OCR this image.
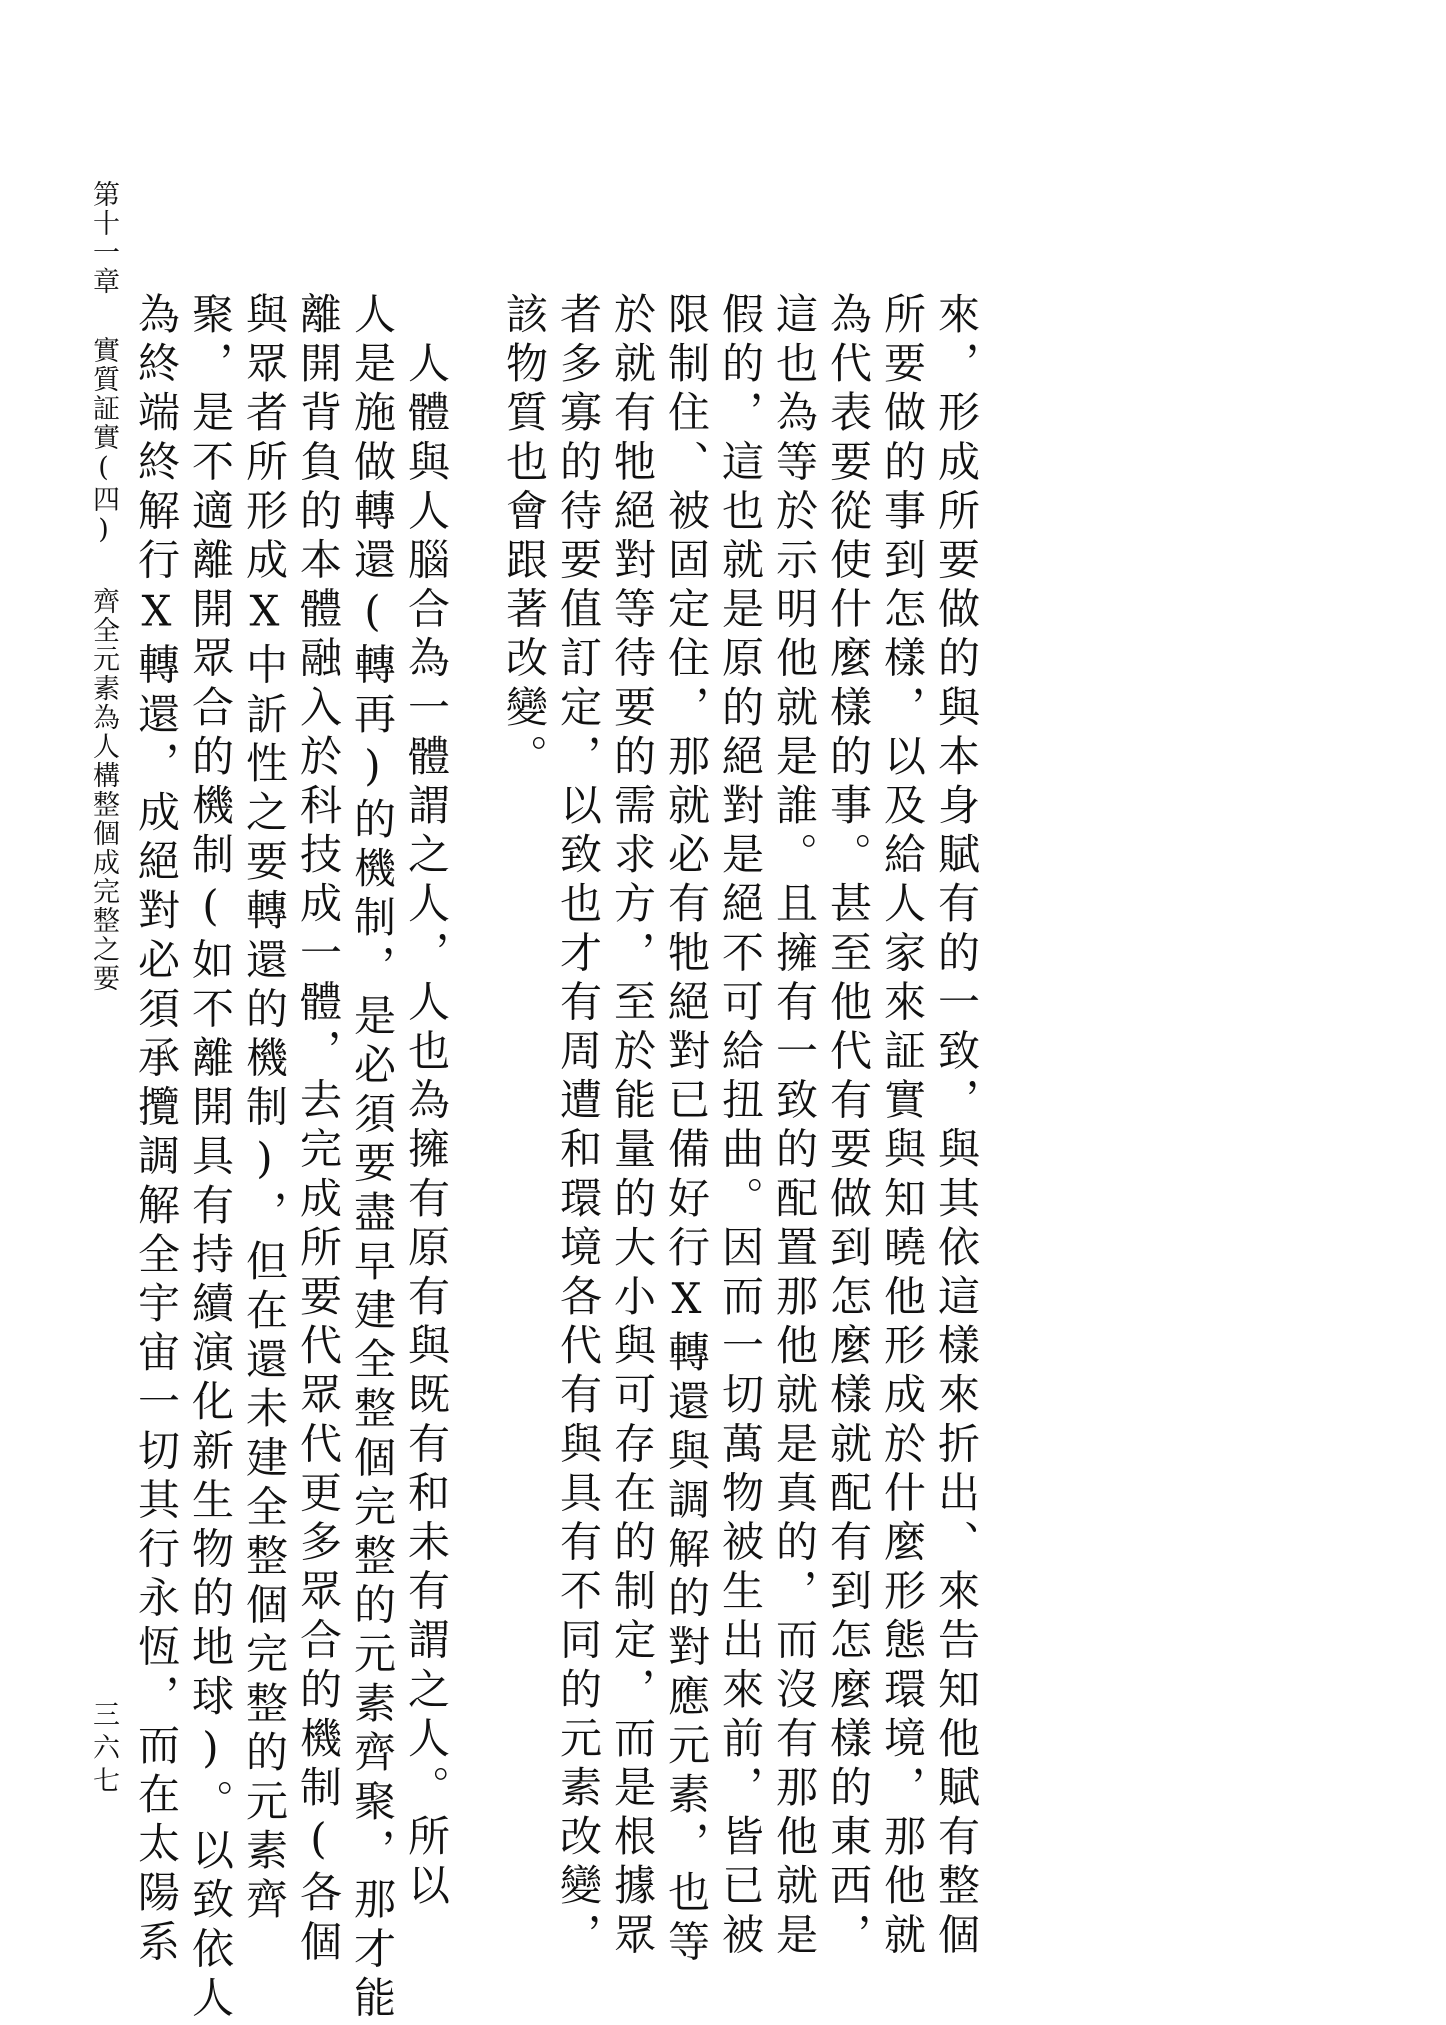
來，形成所要做的與本身賦有的一致，與其依這樣來折出、來告知他賦有整個
所要做的事到怎樣，以及給人家來証實與知曉他形成於什麼形態環境，那他就
為代表要從使什麼樣的事。甚至他代有要做到怎麼樣就配有到怎麼樣的東西，
這也為等於示明他就是誰。且擁有一致的配置那他就是真的，而沒有那他就是
假的，這也就是原的絕對是絕不可給扭曲。因而一切萬物被生出來前，皆已被
限制住、被固定住，那就必有牠絕對已備好行X轉還與調解的對應元素，也等
於就有牠絕對等待要的需求方，至於能量的大小與可存在的制定，而是根據眾
者多寡的待要值訂定，以致也才有周遭和環境各代有與具有不同的元素改變，
該物質也會跟著改變。
　人體與人腦合為一體謂之人，人也為擁有原有與既有和未有謂之人。所以
人是施做轉還(轉再)的機制，是必須要盡早建全整個完整的元素齊聚，那才能
離開背負的本體融入於科技成一體，去完成所要代眾代更多眾合的機制(各個
與眾者所形成X中訢性之要轉還的機制)，但在還未建全整個完整的元素齊
聚，是不適離開眾合的機制(如不離開具有持續演化新生物的地球)。以致依人
為終端終解行X轉還，成絕對必須承攬調解全宇宙一切其行永恆，而在太陽系
第十一章實質証實(四)齊全元素為人構整個成完整之要
三六七
